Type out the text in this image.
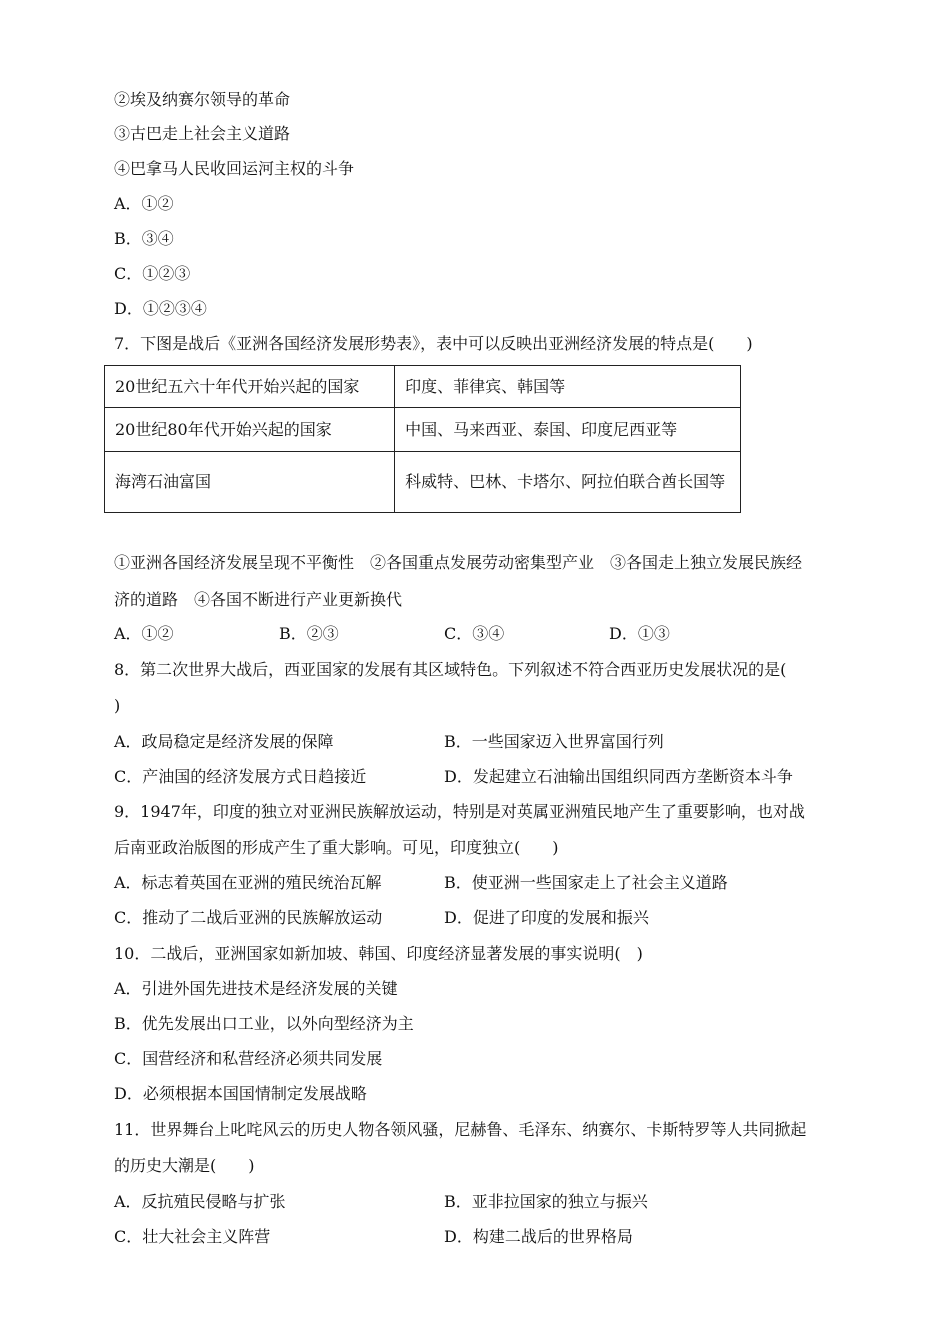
②埃及纳赛尔领导的革命
③古巴走上社会主义道路
④巴拿马人民收回运河主权的斗争
A．①②
B．③④
C．①②③
D．①②③④
7．下图是战后《亚洲各国经济发展形势表》，表中可以反映出亚洲经济发展的特点是(　　)
20世纪五六十年代开始兴起的国家	印度、菲律宾、韩国等
20世纪80年代开始兴起的国家	中国、马来西亚、泰国、印度尼西亚等
海湾石油富国	科威特、巴林、卡塔尔、阿拉伯联合酋长国等
①亚洲各国经济发展呈现不平衡性　②各国重点发展劳动密集型产业　③各国走上独立发展民族经
济的道路　④各国不断进行产业更新换代
A．①②	B．②③	C．③④	D．①③
8．第二次世界大战后，西亚国家的发展有其区域特色。下列叙述不符合西亚历史发展状况的是(
)
A．政局稳定是经济发展的保障	B．一些国家迈入世界富国行列
C．产油国的经济发展方式日趋接近	D．发起建立石油输出国组织同西方垄断资本斗争
9．1947年，印度的独立对亚洲民族解放运动，特别是对英属亚洲殖民地产生了重要影响，也对战
后南亚政治版图的形成产生了重大影响。可见，印度独立(　　)
A．标志着英国在亚洲的殖民统治瓦解	B．使亚洲一些国家走上了社会主义道路
C．推动了二战后亚洲的民族解放运动	D．促进了印度的发展和振兴
10．二战后，亚洲国家如新加坡、韩国、印度经济显著发展的事实说明(　)
A．引进外国先进技术是经济发展的关键
B．优先发展出口工业，以外向型经济为主
C．国营经济和私营经济必须共同发展
D．必须根据本国国情制定发展战略
11．世界舞台上叱咤风云的历史人物各领风骚，尼赫鲁、毛泽东、纳赛尔、卡斯特罗等人共同掀起
的历史大潮是(　　)
A．反抗殖民侵略与扩张	B．亚非拉国家的独立与振兴
C．壮大社会主义阵营	D．构建二战后的世界格局
